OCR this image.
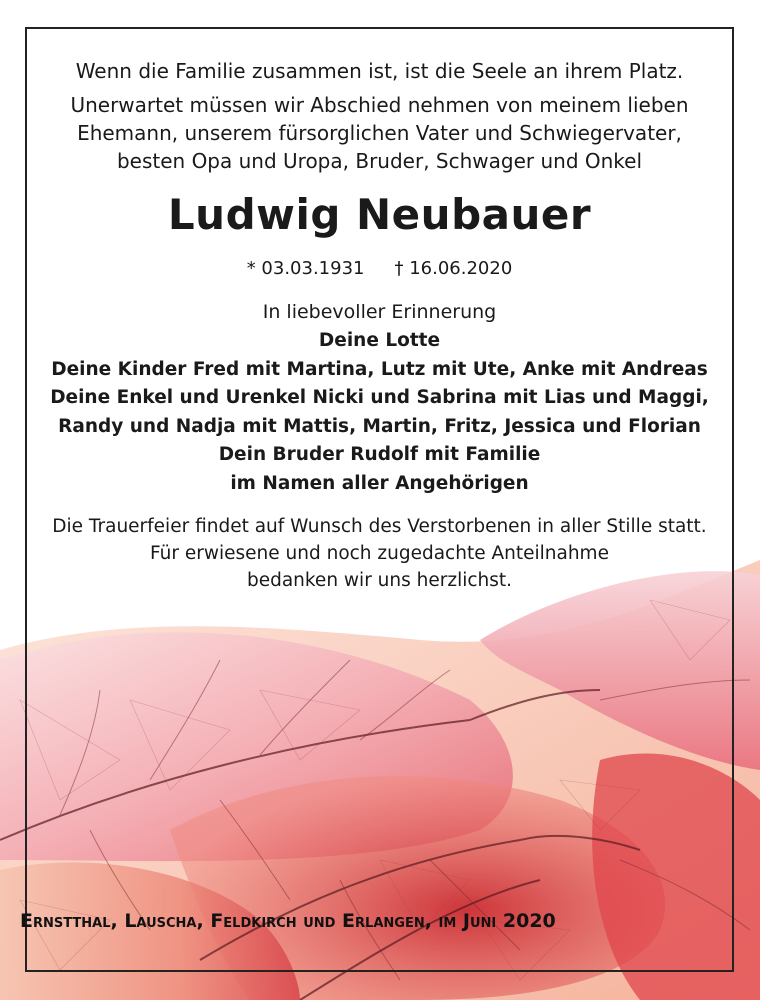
Wenn die Familie zusammen ist, ist die Seele an ihrem Platz.
Unerwartet müssen wir Abschied nehmen von meinem lieben
Ehemann, unserem fürsorglichen Vater und Schwiegervater,
besten Opa und Uropa, Bruder, Schwager und Onkel
Ludwig Neubauer
* 03.03.1931 † 16.06.2020
In liebevoller Erinnerung
Deine Lotte
Deine Kinder Fred mit Martina, Lutz mit Ute, Anke mit Andreas
Deine Enkel und Urenkel Nicki und Sabrina mit Lias und Maggi,
Randy und Nadja mit Mattis, Martin, Fritz, Jessica und Florian
Dein Bruder Rudolf mit Familie
im Namen aller Angehörigen
Die Trauerfeier findet auf Wunsch des Verstorbenen in aller Stille statt.
Für erwiesene und noch zugedachte Anteilnahme
bedanken wir uns herzlichst.
Ernstthal, Lauscha, Feldkirch und Erlangen, im Juni 2020
